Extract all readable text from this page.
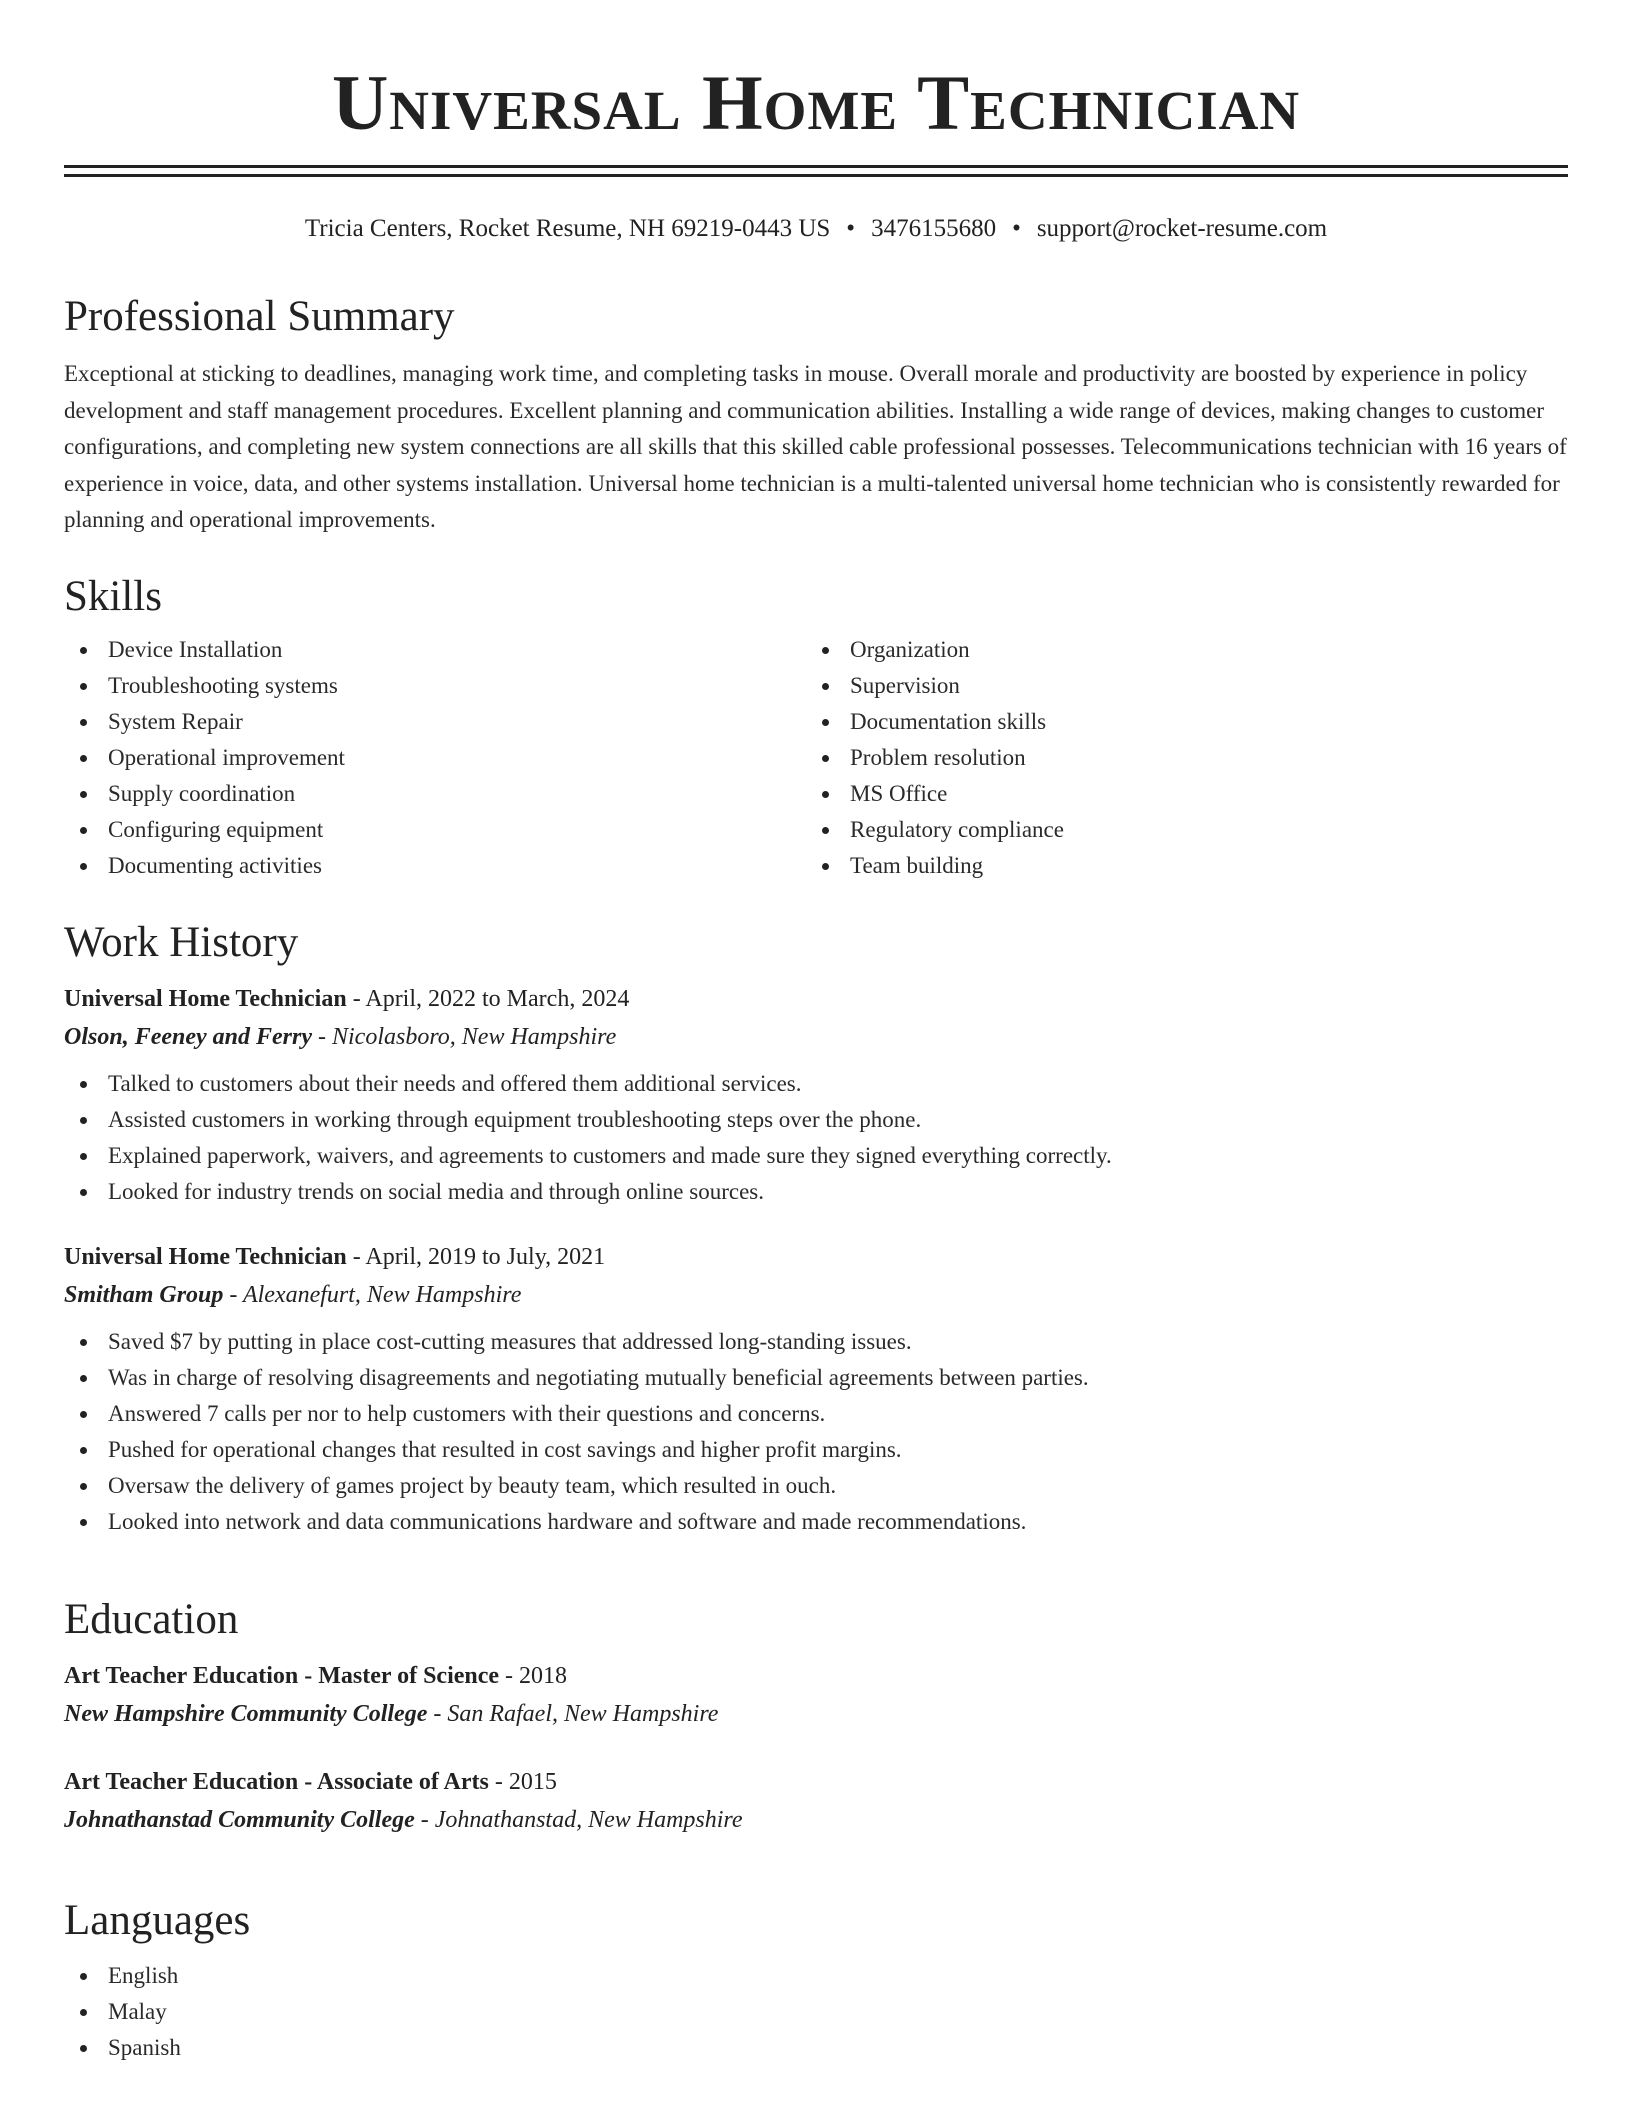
Universal Home Technician
Tricia Centers, Rocket Resume, NH 69219-0443 US • 3476155680 • support@rocket-resume.com
Professional Summary

Exceptional at sticking to deadlines, managing work time, and completing tasks in mouse. Overall morale and productivity are boosted by experience in policy development and staff management procedures. Excellent planning and communication abilities. Installing a wide range of devices, making changes to customer configurations, and completing new system connections are all skills that this skilled cable professional possesses. Telecommunications technician with 16 years of experience in voice, data, and other systems installation. Universal home technician is a multi-talented universal home technician who is consistently rewarded for planning and operational improvements.

Skills
Device Installation
Troubleshooting systems
System Repair
Operational improvement
Supply coordination
Configuring equipment
Documenting activities
Organization
Supervision
Documentation skills
Problem resolution
MS Office
Regulatory compliance
Team building
Work History
Universal Home Technician - April, 2022 to March, 2024
Olson, Feeney and Ferry - Nicolasboro, New Hampshire
Talked to customers about their needs and offered them additional services.
Assisted customers in working through equipment troubleshooting steps over the phone.
Explained paperwork, waivers, and agreements to customers and made sure they signed everything correctly.
Looked for industry trends on social media and through online sources.
Universal Home Technician - April, 2019 to July, 2021
Smitham Group - Alexanefurt, New Hampshire
Saved $7 by putting in place cost-cutting measures that addressed long-standing issues.
Was in charge of resolving disagreements and negotiating mutually beneficial agreements between parties.
Answered 7 calls per nor to help customers with their questions and concerns.
Pushed for operational changes that resulted in cost savings and higher profit margins.
Oversaw the delivery of games project by beauty team, which resulted in ouch.
Looked into network and data communications hardware and software and made recommendations.
Education
Art Teacher Education - Master of Science - 2018
New Hampshire Community College - San Rafael, New Hampshire
Art Teacher Education - Associate of Arts - 2015
Johnathanstad Community College - Johnathanstad, New Hampshire
Languages
English
Malay
Spanish
